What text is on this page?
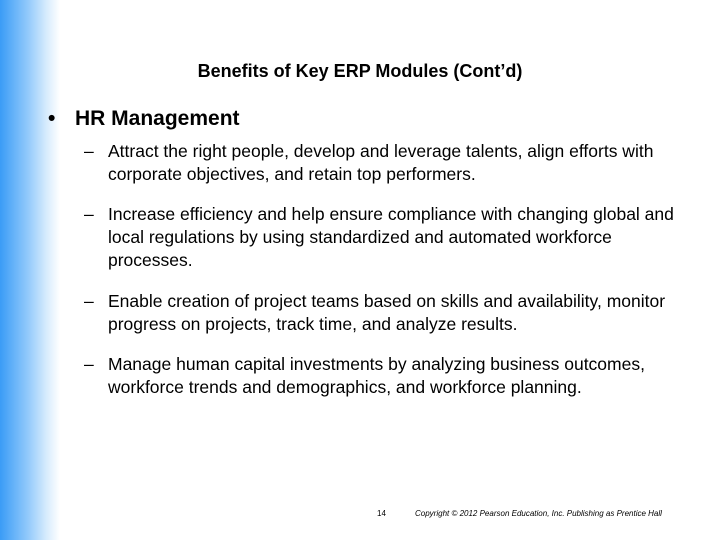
Benefits of Key ERP Modules (Cont’d)
• HR Management
– Attract the right people, develop and leverage talents, align efforts with corporate objectives, and retain top performers.
– Increase efficiency and help ensure compliance with changing global and local regulations by using standardized and automated workforce processes.
– Enable creation of project teams based on skills and availability, monitor progress on projects, track time, and analyze results.
– Manage human capital investments by analyzing business outcomes, workforce trends and demographics, and workforce planning.
14	Copyright © 2012 Pearson Education, Inc. Publishing as Prentice Hall
